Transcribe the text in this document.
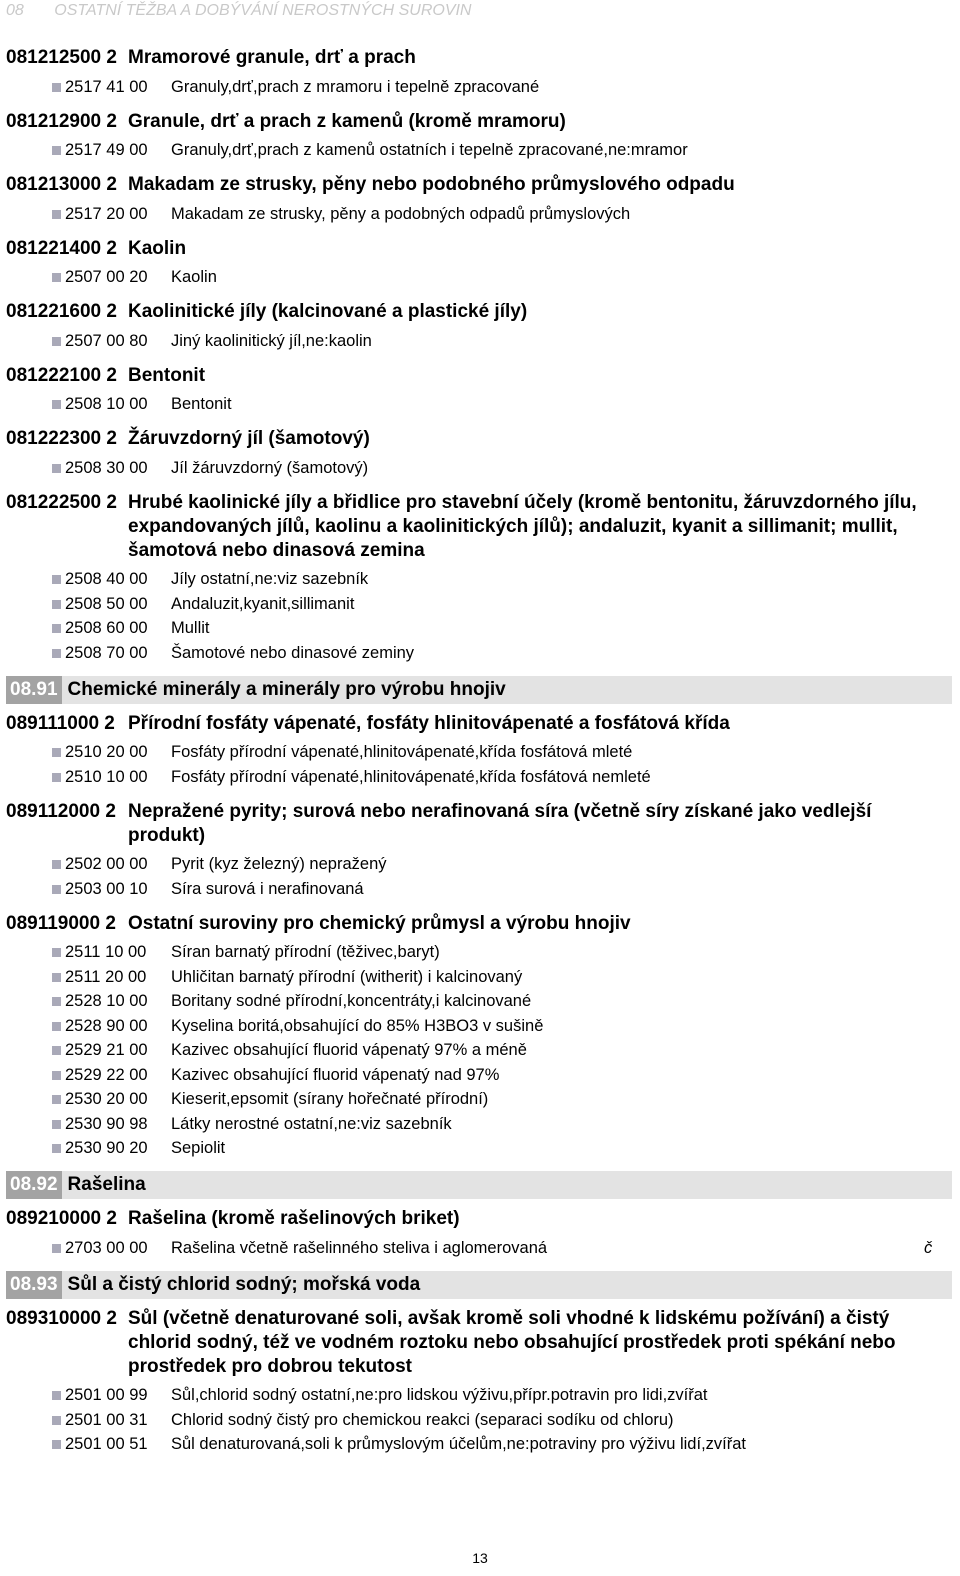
08 OSTATNÍ TĚŽBA A DOBÝVÁNÍ NEROSTNÝCH SUROVIN
081212500 2 Mramorové granule, drť a prach
2517 41 00	Granuly,drť,prach z mramoru i tepelně zpracované
081212900 2 Granule, drť a prach z kamenů (kromě mramoru)
2517 49 00	Granuly,drť,prach z kamenů ostatních i tepelně zpracované,ne:mramor
081213000 2 Makadam ze strusky, pěny nebo podobného průmyslového odpadu
2517 20 00	Makadam ze strusky, pěny a podobných odpadů průmyslových
081221400 2 Kaolin
2507 00 20	Kaolin
081221600 2 Kaolinitické jíly (kalcinované a plastické jíly)
2507 00 80	Jiný kaolinitický jíl,ne:kaolin
081222100 2 Bentonit
2508 10 00	Bentonit
081222300 2 Žáruvzdorný jíl (šamotový)
2508 30 00	Jíl žáruvzdorný (šamotový)
081222500 2 Hrubé kaolinické jíly a břidlice pro stavební účely (kromě bentonitu, žáruvzdorného jílu, expandovaných jílů, kaolinu a kaolinitických jílů); andaluzit, kyanit a sillimanit; mullit, šamotová nebo dinasová zemina
2508 40 00	Jíly ostatní,ne:viz sazebník
2508 50 00	Andaluzit,kyanit,sillimanit
2508 60 00	Mullit
2508 70 00	Šamotové nebo dinasové zeminy
08.91 Chemické minerály a minerály pro výrobu hnojiv
089111000 2 Přírodní fosfáty vápenaté, fosfáty hlinitovápenaté a fosfátová křída
2510 20 00	Fosfáty přírodní vápenaté,hlinitovápenaté,křída fosfátová mleté
2510 10 00	Fosfáty přírodní vápenaté,hlinitovápenaté,křída fosfátová nemleté
089112000 2 Nepražené pyrity; surová nebo nerafinovaná síra (včetně síry získané jako vedlejší produkt)
2502 00 00	Pyrit (kyz železný) nepražený
2503 00 10	Síra surová i nerafinovaná
089119000 2 Ostatní suroviny pro chemický průmysl a výrobu hnojiv
2511 10 00	Síran barnatý přírodní (těživec,baryt)
2511 20 00	Uhličitan barnatý přírodní (witherit) i kalcinovaný
2528 10 00	Boritany sodné přírodní,koncentráty,i kalcinované
2528 90 00	Kyselina boritá,obsahující do 85% H3BO3 v sušině
2529 21 00	Kazivec obsahující fluorid vápenatý 97% a méně
2529 22 00	Kazivec obsahující fluorid vápenatý nad 97%
2530 20 00	Kieserit,epsomit (sírany hořečnaté přírodní)
2530 90 98	Látky nerostné ostatní,ne:viz sazebník
2530 90 20	Sepiolit
08.92 Rašelina
089210000 2 Rašelina (kromě rašelinových briket)
2703 00 00	Rašelina včetně rašelinného steliva i aglomerovaná	č
08.93 Sůl a čistý chlorid sodný; mořská voda
089310000 2 Sůl (včetně denaturované soli, avšak kromě soli vhodné k lidskému požívání) a čistý chlorid sodný, též ve vodném roztoku nebo obsahující prostředek proti spékání nebo prostředek pro dobrou tekutost
2501 00 99	Sůl,chlorid sodný ostatní,ne:pro lidskou výživu,přípr.potravin pro lidi,zvířat
2501 00 31	Chlorid sodný čistý pro chemickou reakci (separaci sodíku od chloru)
2501 00 51	Sůl denaturovaná,soli k průmyslovým účelům,ne:potraviny pro výživu lidí,zvířat
13
